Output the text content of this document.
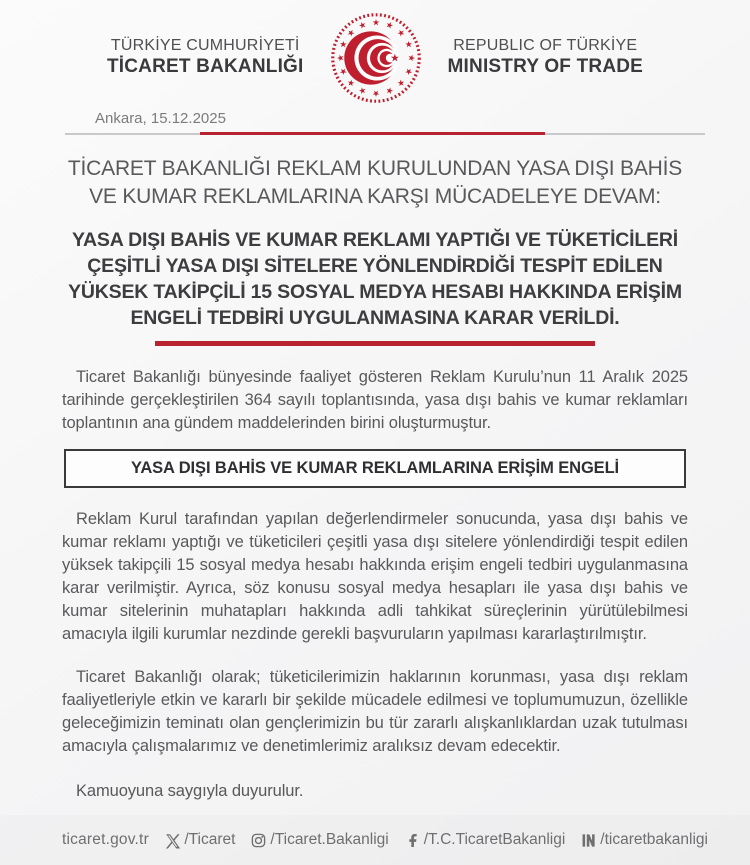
TÜRKİYE CUMHURİYETİ
TİCARET BAKANLIĞI
REPUBLIC OF TÜRKİYE
MINISTRY OF TRADE
Ankara, 15.12.2025
TİCARET BAKANLIĞI REKLAM KURULUNDAN YASA DIŞI BAHİS VE KUMAR REKLAMLARINA KARŞI MÜCADELEYE DEVAM:
YASA DIŞI BAHİS VE KUMAR REKLAMI YAPTIĞI VE TÜKETİCİLERİ ÇEŞİTLİ YASA DIŞI SİTELERE YÖNLENDİRDİĞİ TESPİT EDİLEN YÜKSEK TAKİPÇİLİ 15 SOSYAL MEDYA HESABI HAKKINDA ERİŞİM ENGELİ TEDBİRİ UYGULANMASINA KARAR VERİLDİ.

Ticaret Bakanlığı bünyesinde faaliyet gösteren Reklam Kurulu’nun 11 Aralık 2025 tarihinde gerçekleştirilen 364 sayılı toplantısında, yasa dışı bahis ve kumar reklamları toplantının ana gündem maddelerinden birini oluşturmuştur.

YASA DIŞI BAHİS VE KUMAR REKLAMLARINA ERİŞİM ENGELİ

Reklam Kurul tarafından yapılan değerlendirmeler sonucunda, yasa dışı bahis ve kumar reklamı yaptığı ve tüketicileri çeşitli yasa dışı sitelere yönlendirdiği tespit edilen yüksek takipçili 15 sosyal medya hesabı hakkında erişim engeli tedbiri uygulanmasına karar verilmiştir. Ayrıca, söz konusu sosyal medya hesapları ile yasa dışı bahis ve kumar sitelerinin muhatapları hakkında adli tahkikat süreçlerinin yürütülebilmesi amacıyla ilgili kurumlar nezdinde gerekli başvuruların yapılması kararlaştırılmıştır.

Ticaret Bakanlığı olarak; tüketicilerimizin haklarının korunması, yasa dışı reklam faaliyetleriyle etkin ve kararlı bir şekilde mücadele edilmesi ve toplumumuzun, özellikle geleceğimizin teminatı olan gençlerimizin bu tür zararlı alışkanlıklardan uzak tutulması amacıyla çalışmalarımız ve denetimlerimiz aralıksız devam edecektir.

Kamuoyuna saygıyla duyurulur.

ticaret.gov.tr /Ticaret /Ticaret.Bakanligi /T.C.TicaretBakanligi /ticaretbakanligi
